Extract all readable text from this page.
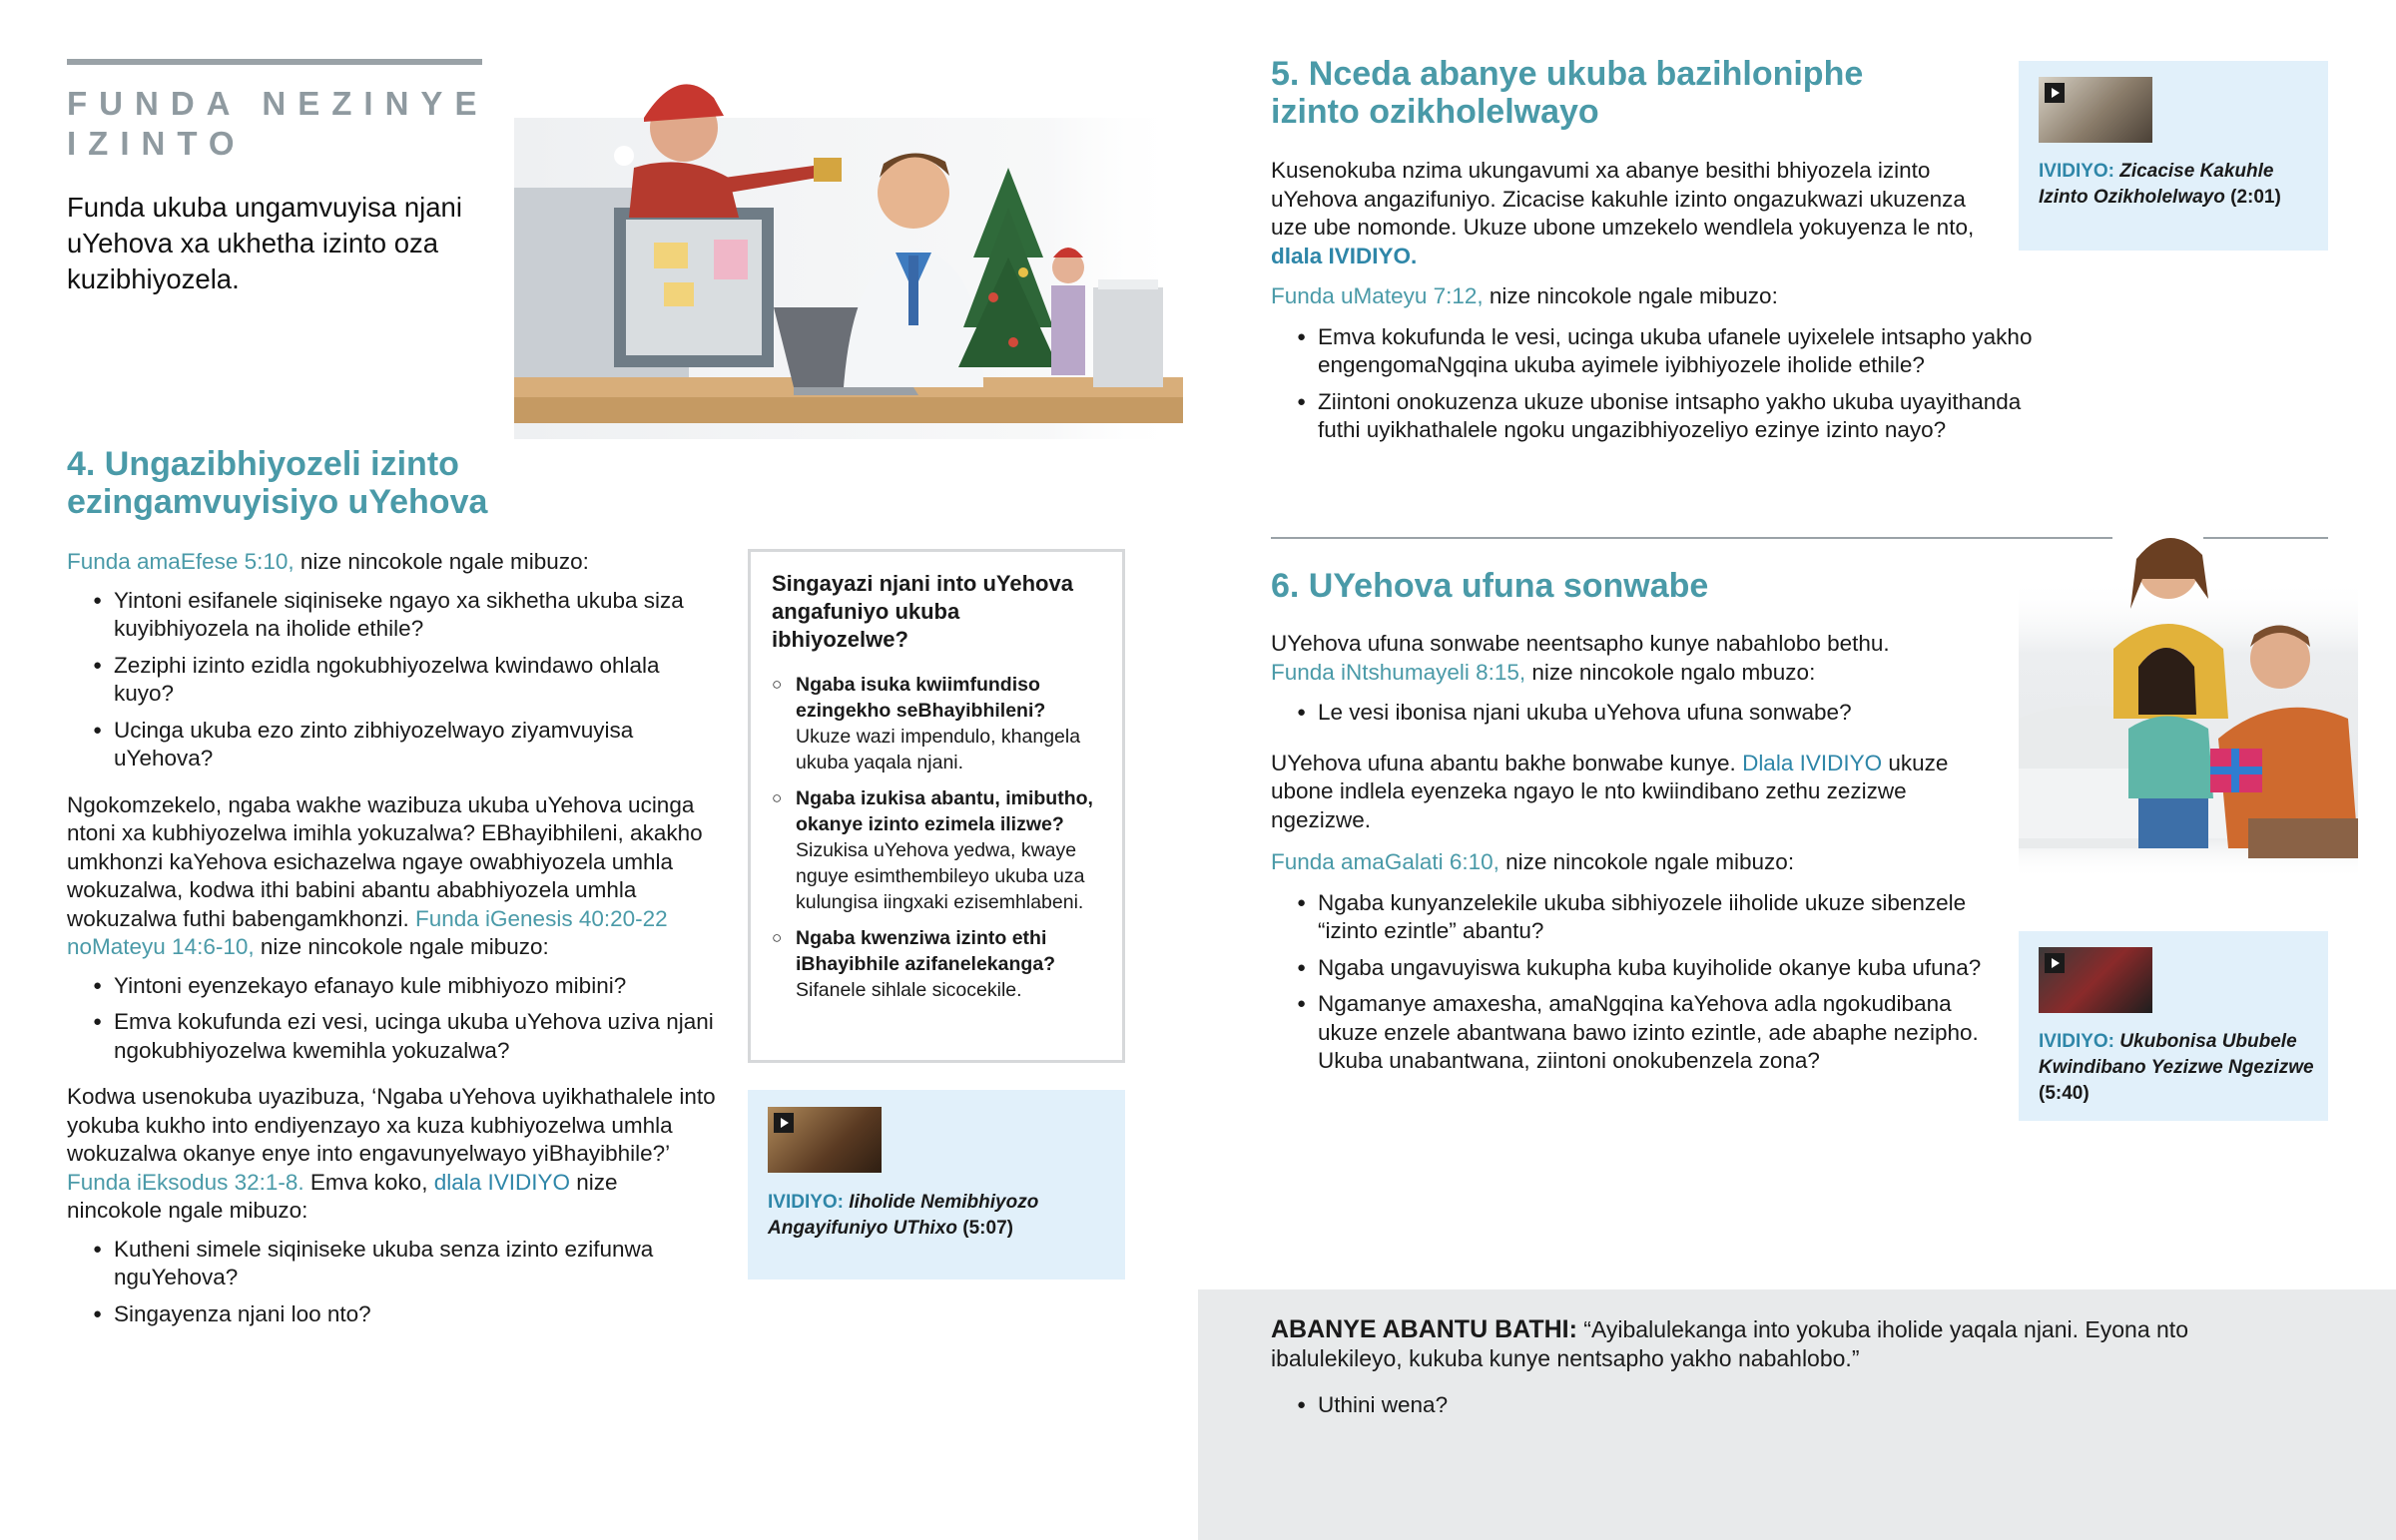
FUNDA NEZINYE
IZINTO
Funda ukuba ungamvuyisa njani uYehova xa ukhetha izinto oza kuzibhiyozela.
4. Ungazibhiyozeli izinto
ezingamvuyisiyo uYehova

Funda amaEfese 5:10, nize nincokole ngale mibuzo:

● Yintoni esifanele siqiniseke ngayo xa sikhetha ukuba siza kuyibhiyozela na iholide ethile?
● Zeziphi izinto ezidla ngokubhiyozelwa kwindawo ohlala kuyo?
● Ucinga ukuba ezo zinto zibhiyozelwayo ziyamvuyisa uYehova?

Ngokomzekelo, ngaba wakhe wazibuza ukuba uYehova ucinga ntoni xa kubhiyozelwa imihla yokuzalwa? EBhayibhileni, akakho umkhonzi kaYehova esichazelwa ngaye owabhiyozela umhla wokuzalwa, kodwa ithi babini abantu ababhiyozela umhla wokuzalwa futhi babengamkhonzi. Funda iGenesis 40:20-22 noMateyu 14:6-10, nize nincokole ngale mibuzo:

● Yintoni eyenzekayo efanayo kule mibhiyozo mibini?
● Emva kokufunda ezi vesi, ucinga ukuba uYehova uziva njani ngokubhiyozelwa kwemihla yokuzalwa?

Kodwa usenokuba uyazibuza, ‘Ngaba uYehova uyikhathalele into yokuba kukho into endiyenzayo xa kuza kubhiyozelwa umhla wokuzalwa okanye enye into engavunyelwayo yiBhayibhile?’ Funda iEksodus 32:1-8. Emva koko, dlala IVIDIYO nize nincokole ngale mibuzo:

● Kutheni simele siqiniseke ukuba senza izinto ezifunwa nguYehova?
● Singayenza njani loo nto?
Singayazi njani into uYehova angafuniyo ukuba ibhiyozelwe?
○ Ngaba isuka kwiimfundiso ezingekho seBhayibhileni? Ukuze wazi impendulo, khangela ukuba yaqala njani.
○ Ngaba izukisa abantu, imibutho, okanye izinto ezimela ilizwe? Sizukisa uYehova yedwa, kwaye nguye esimthembileyo ukuba uza kulungisa iingxaki ezisemhlabeni.
○ Ngaba kwenziwa izinto ethi iBhayibhile azifanelekanga? Sifanele sihlale sicocekile.
IVIDIYO: Iiholide Nemibhiyozo Angayifuniyo UThixo (5:07)
5. Nceda abanye ukuba bazihloniphe
izinto ozikholelwayo

Kusenokuba nzima ukungavumi xa abanye besithi bhiyozela izinto uYehova angazifuniyo. Zicacise kakuhle izinto ongazukwazi ukuzenza uze ube nomonde. Ukuze ubone umzekelo wendlela yokuyenza le nto, dlala IVIDIYO.

Funda uMateyu 7:12, nize nincokole ngale mibuzo:

● Emva kokufunda le vesi, ucinga ukuba ufanele uyixelele intsapho yakho engengomaNgqina ukuba ayimele iyibhiyozele iholide ethile?
● Ziintoni onokuzenza ukuze ubonise intsapho yakho ukuba uyayithanda futhi uyikhathalele ngoku ungazibhiyozeliyo ezinye izinto nayo?
IVIDIYO: Zicacise Kakuhle Izinto Ozikholelwayo (2:01)
6. UYehova ufuna sonwabe

UYehova ufuna sonwabe neentsapho kunye nabahlobo bethu.
Funda iNtshumayeli 8:15, nize nincokole ngalo mbuzo:

● Le vesi ibonisa njani ukuba uYehova ufuna sonwabe?

UYehova ufuna abantu bakhe bonwabe kunye. Dlala IVIDIYO ukuze ubone indlela eyenzeka ngayo le nto kwiindibano zethu zezizwe ngezizwe.

Funda amaGalati 6:10, nize nincokole ngale mibuzo:

● Ngaba kunyanzelekile ukuba sibhiyozele iiholide ukuze sibenzele “izinto ezintle” abantu?
● Ngaba ungavuyiswa kukupha kuba kuyiholide okanye kuba ufuna?
● Ngamanye amaxesha, amaNgqina kaYehova adla ngokudibana ukuze enzele abantwana bawo izinto ezintle, ade abaphe nezipho. Ukuba unabantwana, ziintoni onokubenzela zona?
IVIDIYO: Ukubonisa Ububele Kwindibano Yezizwe Ngezizwe (5:40)

ABANYE ABANTU BATHI: “Ayibalulekanga into yokuba iholide yaqala njani. Eyona nto ibalulekileyo, kukuba kunye nentsapho yakho nabahlobo.”

● Uthini wena?
